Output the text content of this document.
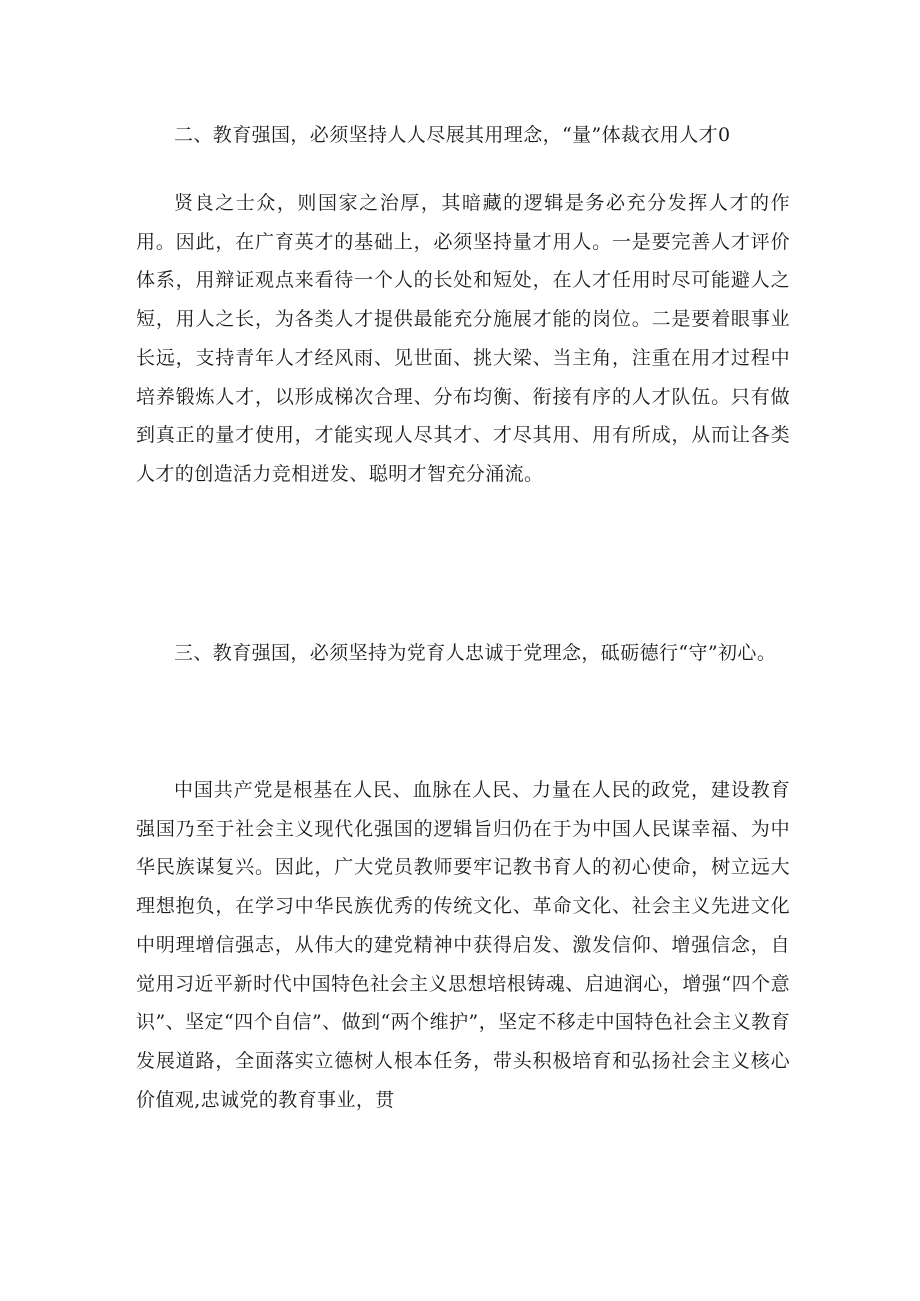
二、教育强国，必须坚持人人尽展其用理念，“量”体裁衣用人才0

贤良之士众，则国家之治厚，其暗藏的逻辑是务必充分发挥人才的作用。因此，在广育英才的基础上，必须坚持量才用人。一是要完善人才评价体系，用辩证观点来看待一个人的长处和短处，在人才任用时尽可能避人之短，用人之长，为各类人才提供最能充分施展才能的岗位。二是要着眼事业长远，支持青年人才经风雨、见世面、挑大梁、当主角，注重在用才过程中培养锻炼人才，以形成梯次合理、分布均衡、衔接有序的人才队伍。只有做到真正的量才使用，才能实现人尽其才、才尽其用、用有所成，从而让各类人才的创造活力竞相迸发、聪明才智充分涌流。

三、教育强国，必须坚持为党育人忠诚于党理念，砥砺德行“守”初心。

中国共产党是根基在人民、血脉在人民、力量在人民的政党，建设教育强国乃至于社会主义现代化强国的逻辑旨归仍在于为中国人民谋幸福、为中华民族谋复兴。因此，广大党员教师要牢记教书育人的初心使命，树立远大理想抱负，在学习中华民族优秀的传统文化、革命文化、社会主义先进文化中明理增信强志，从伟大的建党精神中获得启发、激发信仰、增强信念，自觉用习近平新时代中国特色社会主义思想培根铸魂、启迪润心，增强“四个意识”、坚定“四个自信”、做到“两个维护”，坚定不移走中国特色社会主义教育发展道路，全面落实立德树人根本任务，带头积极培育和弘扬社会主义核心价值观,忠诚党的教育事业，贯
